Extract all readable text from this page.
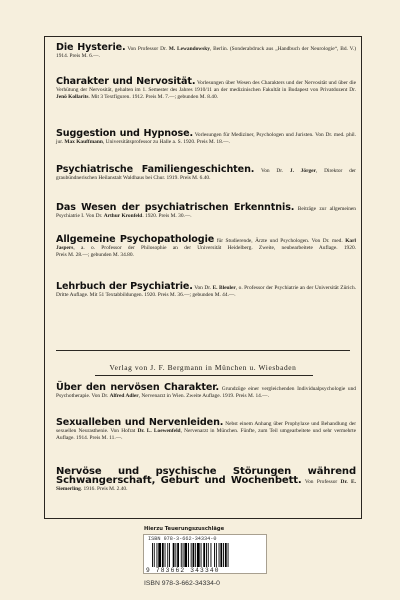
Die Hysterie. Von Professor Dr. M. Lewandowsky, Berlin. (Sonderabdruck aus „Handbuch der Neurologie“, Bd. V.) 1914. Preis M. 6.—.
Charakter und Nervosität. Vorlesungen über Wesen des Charakters und der Nervosität und über die Verhütung der Nervosität, gehalten im 1. Semester des Jahres 1910/11 an der medizinischen Fakultät in Budapest von Privatdozent Dr. Jenö Kollarits. Mit 3 Textfiguren. 1912. Preis M. 7.—; gebunden M. 8.40.
Suggestion und Hypnose. Vorlesungen für Mediziner, Psychologen und Juristen. Von Dr. med. phil. jur. Max Kauffmann, Universitätsprofessor zu Halle a. S. 1920. Preis M. 18.—.
Psychiatrische Familiengeschichten. Von Dr. J. Jörger, Direktor der graubündnerischen Heilanstalt Waldhaus bei Chur. 1919. Preis M. 6.40.
Das Wesen der psychiatrischen Erkenntnis. Beiträge zur allgemeinen Psychiatrie I. Von Dr. Arthur Kronfeld. 1920. Preis M. 30.—.
Allgemeine Psychopathologie für Studierende, Ärzte und Psychologen. Von Dr. med. Karl Jaspers, a. o. Professor der Philosophie an der Universität Heidelberg. Zweite, neubearbeitete Auflage. 1920. Preis M. 28.—; gebunden M. 34.80.
Lehrbuch der Psychiatrie. Von Dr. E. Bleuler, o. Professor der Psychiatrie an der Universität Zürich. Dritte Auflage. Mit 51 Textabbildungen. 1920. Preis M. 36.—; gebunden M. 44.—.
Verlag von J. F. Bergmann in München u. Wiesbaden
Über den nervösen Charakter. Grundzüge einer vergleichenden Individualpsychologie und Psychotherapie. Von Dr. Alfred Adler, Nervenarzt in Wien. Zweite Auflage. 1919. Preis M. 14.—.
Sexualleben und Nervenleiden. Nebst einem Anhang über Prophylaxe und Behandlung der sexuellen Neurasthenie. Von Hofrat Dr. L. Loewenfeld, Nervenarzt in München. Fünfte, zum Teil umgearbeitete und sehr vermehrte Auflage. 1914. Preis M. 11.—.
Nervöse und psychische Störungen während Schwangerschaft, Geburt und Wochenbett. Von Professor Dr. E. Siemerling. 1916. Preis M. 2.40.
Hierzu Teuerungszuschläge
ISBN 978-3-662-34334-0
9 783662 343340
ISBN 978-3-662-34334-0
